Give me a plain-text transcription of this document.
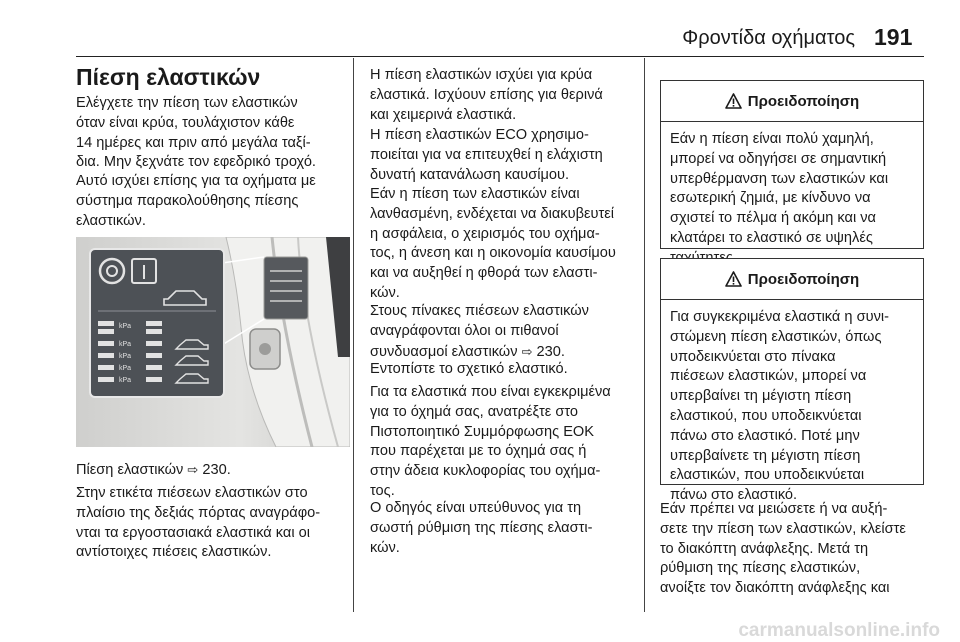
Φροντίδα οχήματος 191
Πίεση ελαστικών

Ελέγχετε την πίεση των ελαστικών
όταν είναι κρύα, τουλάχιστον κάθε
14 ημέρες και πριν από μεγάλα ταξί-
δια. Μην ξεχνάτε τον εφεδρικό τροχό.

Αυτό ισχύει επίσης για τα οχήματα με
σύστημα παρακολούθησης πίεσης
ελαστικών.

kPa
kPa
kPa
kPa
kPa

Πίεση ελαστικών ⇨ 230.

Στην ετικέτα πιέσεων ελαστικών στο
πλαίσιο της δεξιάς πόρτας αναγράφο-
νται τα εργοστασιακά ελαστικά και οι
αντίστοιχες πιέσεις ελαστικών.

Η πίεση ελαστικών ισχύει για κρύα
ελαστικά. Ισχύουν επίσης για θερινά
και χειμερινά ελαστικά.

Η πίεση ελαστικών ECO χρησιμο-
ποιείται για να επιτευχθεί η ελάχιστη
δυνατή κατανάλωση καυσίμου.

Εάν η πίεση των ελαστικών είναι
λανθασμένη, ενδέχεται να διακυβευτεί
η ασφάλεια, ο χειρισμός του οχήμα-
τος, η άνεση και η οικονομία καυσίμου
και να αυξηθεί η φθορά των ελαστι-
κών.

Στους πίνακες πιέσεων ελαστικών
αναγράφονται όλοι οι πιθανοί
συνδυασμοί ελαστικών ⇨ 230.

Εντοπίστε το σχετικό ελαστικό.

Για τα ελαστικά που είναι εγκεκριμένα
για το όχημά σας, ανατρέξτε στο
Πιστοποιητικό Συμμόρφωσης ΕΟΚ
που παρέχεται με το όχημά σας ή
στην άδεια κυκλοφορίας του οχήμα-
τος.

Ο οδηγός είναι υπεύθυνος για τη
σωστή ρύθμιση της πίεσης ελαστι-
κών.

Προειδοποίηση
Εάν η πίεση είναι πολύ χαμηλή,
μπορεί να οδηγήσει σε σημαντική
υπερθέρμανση των ελαστικών και
εσωτερική ζημιά, με κίνδυνο να
σχιστεί το πέλμα ή ακόμη και να
κλατάρει το ελαστικό σε υψηλές

Προειδοποίηση
Για συγκεκριμένα ελαστικά η συνι-
στώμενη πίεση ελαστικών, όπως
υποδεικνύεται στο πίνακα
πιέσεων ελαστικών, μπορεί να
υπερβαίνει τη μέγιστη πίεση
ελαστικού, που υποδεικνύεται
πάνω στο ελαστικό. Ποτέ μην
υπερβαίνετε τη μέγιστη πίεση
ελαστικών, που υποδεικνύεται
πάνω στο ελαστικό.

Εάν πρέπει να μειώσετε ή να αυξή-
σετε την πίεση των ελαστικών, κλείστε
το διακόπτη ανάφλεξης. Μετά τη
ρύθμιση της πίεσης ελαστικών,
ανοίξτε τον διακόπτη ανάφλεξης και

carmanualsonline.info
